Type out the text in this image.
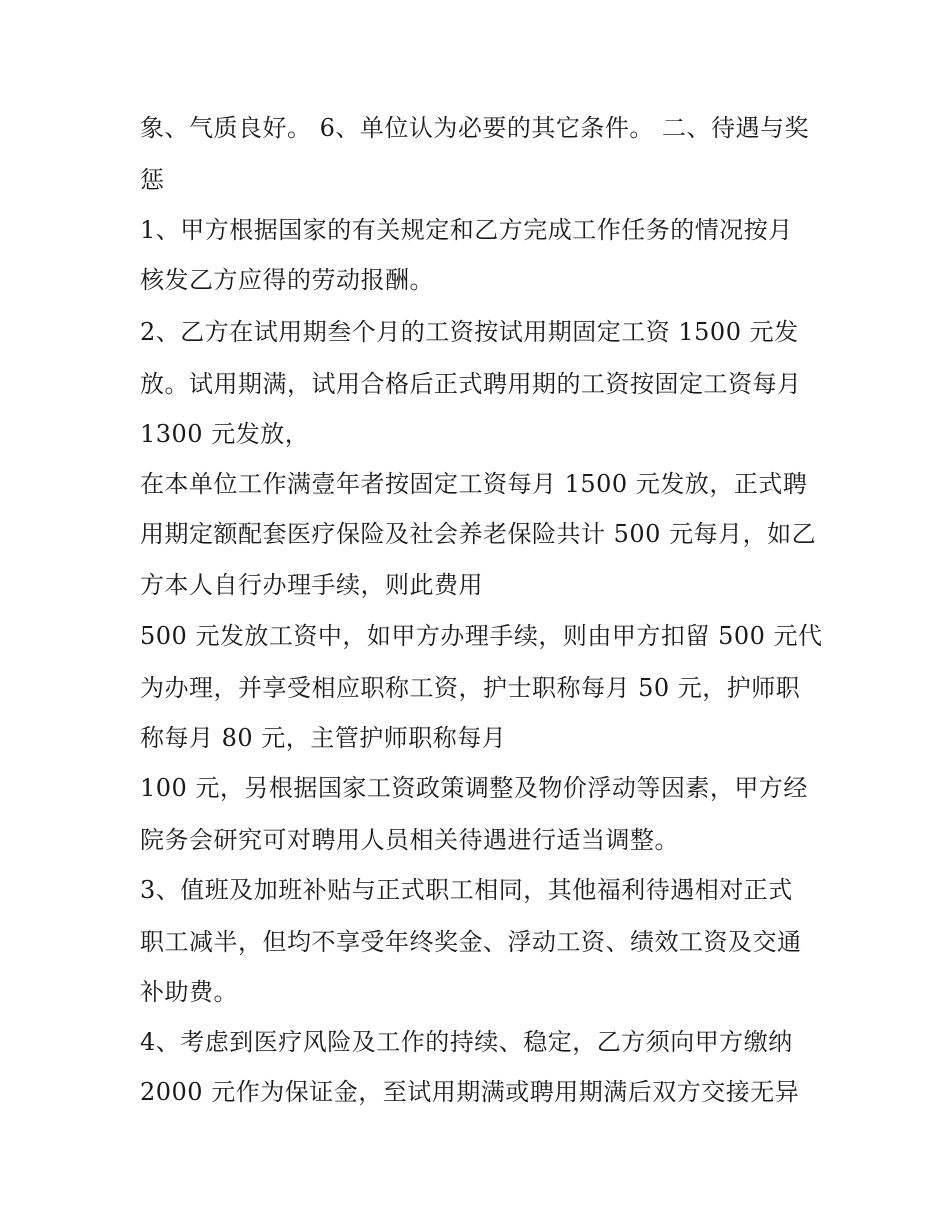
象、气质良好。 6、单位认为必要的其它条件。 二、待遇与奖

惩

1、甲方根据国家的有关规定和乙方完成工作任务的情况按月

核发乙方应得的劳动报酬。

2、乙方在试用期叁个月的工资按试用期固定工资 1500 元发

放。试用期满，试用合格后正式聘用期的工资按固定工资每月

1300 元发放，

在本单位工作满壹年者按固定工资每月 1500 元发放，正式聘

用期定额配套医疗保险及社会养老保险共计 500 元每月，如乙

方本人自行办理手续，则此费用

500 元发放工资中，如甲方办理手续，则由甲方扣留 500 元代

为办理，并享受相应职称工资，护士职称每月 50 元，护师职

称每月 80 元，主管护师职称每月

100 元，另根据国家工资政策调整及物价浮动等因素，甲方经

院务会研究可对聘用人员相关待遇进行适当调整。

3、值班及加班补贴与正式职工相同，其他福利待遇相对正式

职工减半，但均不享受年终奖金、浮动工资、绩效工资及交通

补助费。

4、考虑到医疗风险及工作的持续、稳定，乙方须向甲方缴纳

2000 元作为保证金，至试用期满或聘用期满后双方交接无异
